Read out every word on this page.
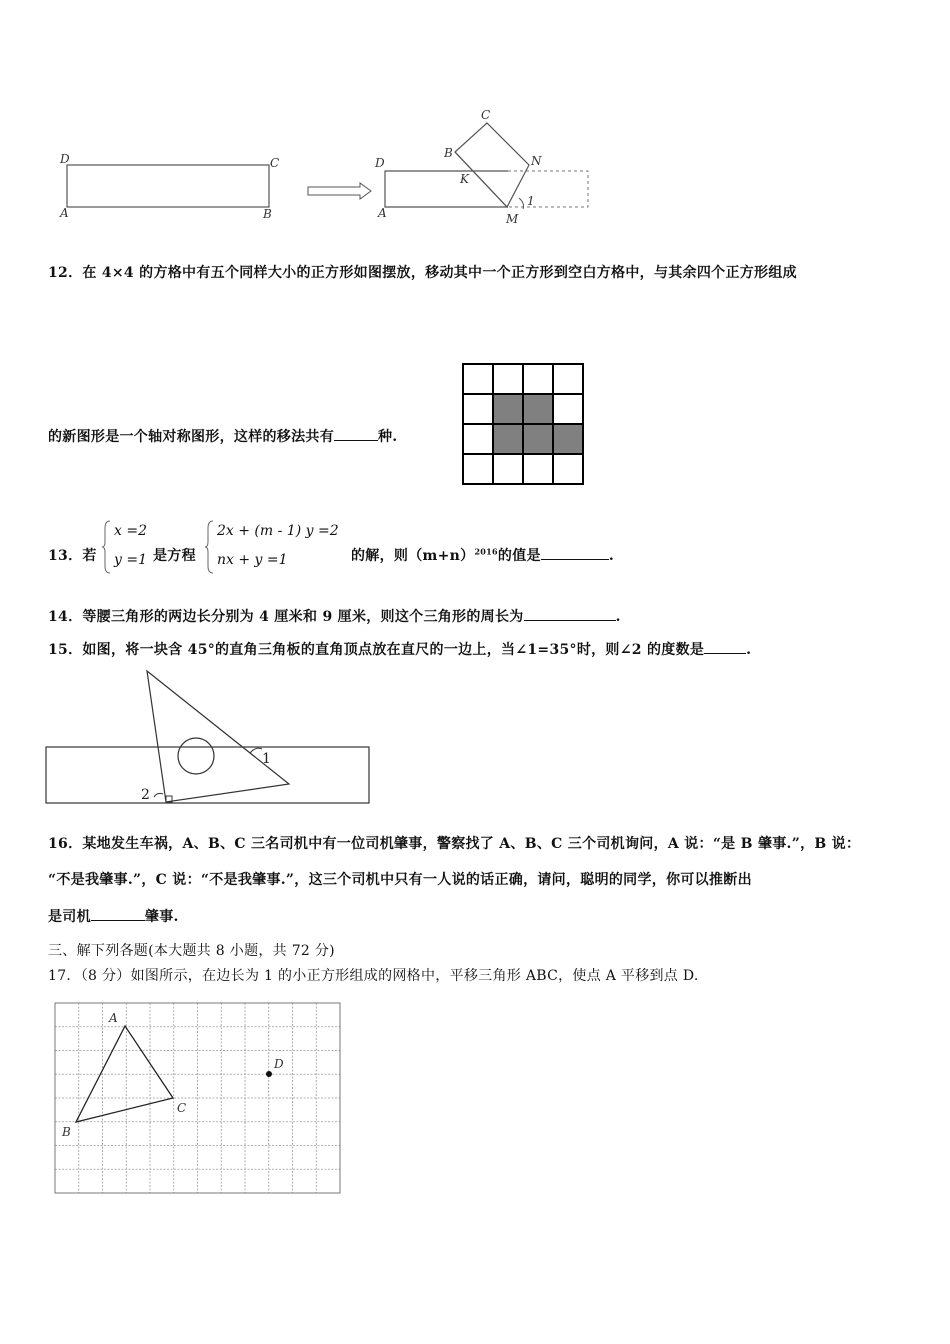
D	C
A	B
C
B
N
D
K
A	M
1
12．在 4×4 的方格中有五个同样大小的正方形如图摆放，移动其中一个正方形到空白方格中，与其余四个正方形组成
的新图形是一个轴对称图形，这样的移法共有	种.
13．若
x =2
y =1 是方程
2x + (m - 1) y =2
nx + y =1	的解，则$(m+n)^{2016}$的值是	.
14．等腰三角形的两边长分别为 4 厘米和 9 厘米，则这个三角形的周长为	.
15．如图，将一块含 45°的直角三角板的直角顶点放在直尺的一边上，当∠1=35°时，则∠2 的度数是	.
1
2
16．某地发生车祸，A、B、C 三名司机中有一位司机肇事，警察找了 A、B、C 三个司机询问，A 说：“是 B 肇事.”，B 说：
“不是我肇事.”，C 说：“不是我肇事.”，这三个司机中只有一人说的话正确，请问，聪明的同学，你可以推断出
是司机	肇事.
三、解下列各题(本大题共 8 小题，共 72 分)
17．（8 分）如图所示，在边长为 1 的小正方形组成的网格中，平移三角形 ABC，使点 A 平移到点 D.
A
C
B
D
